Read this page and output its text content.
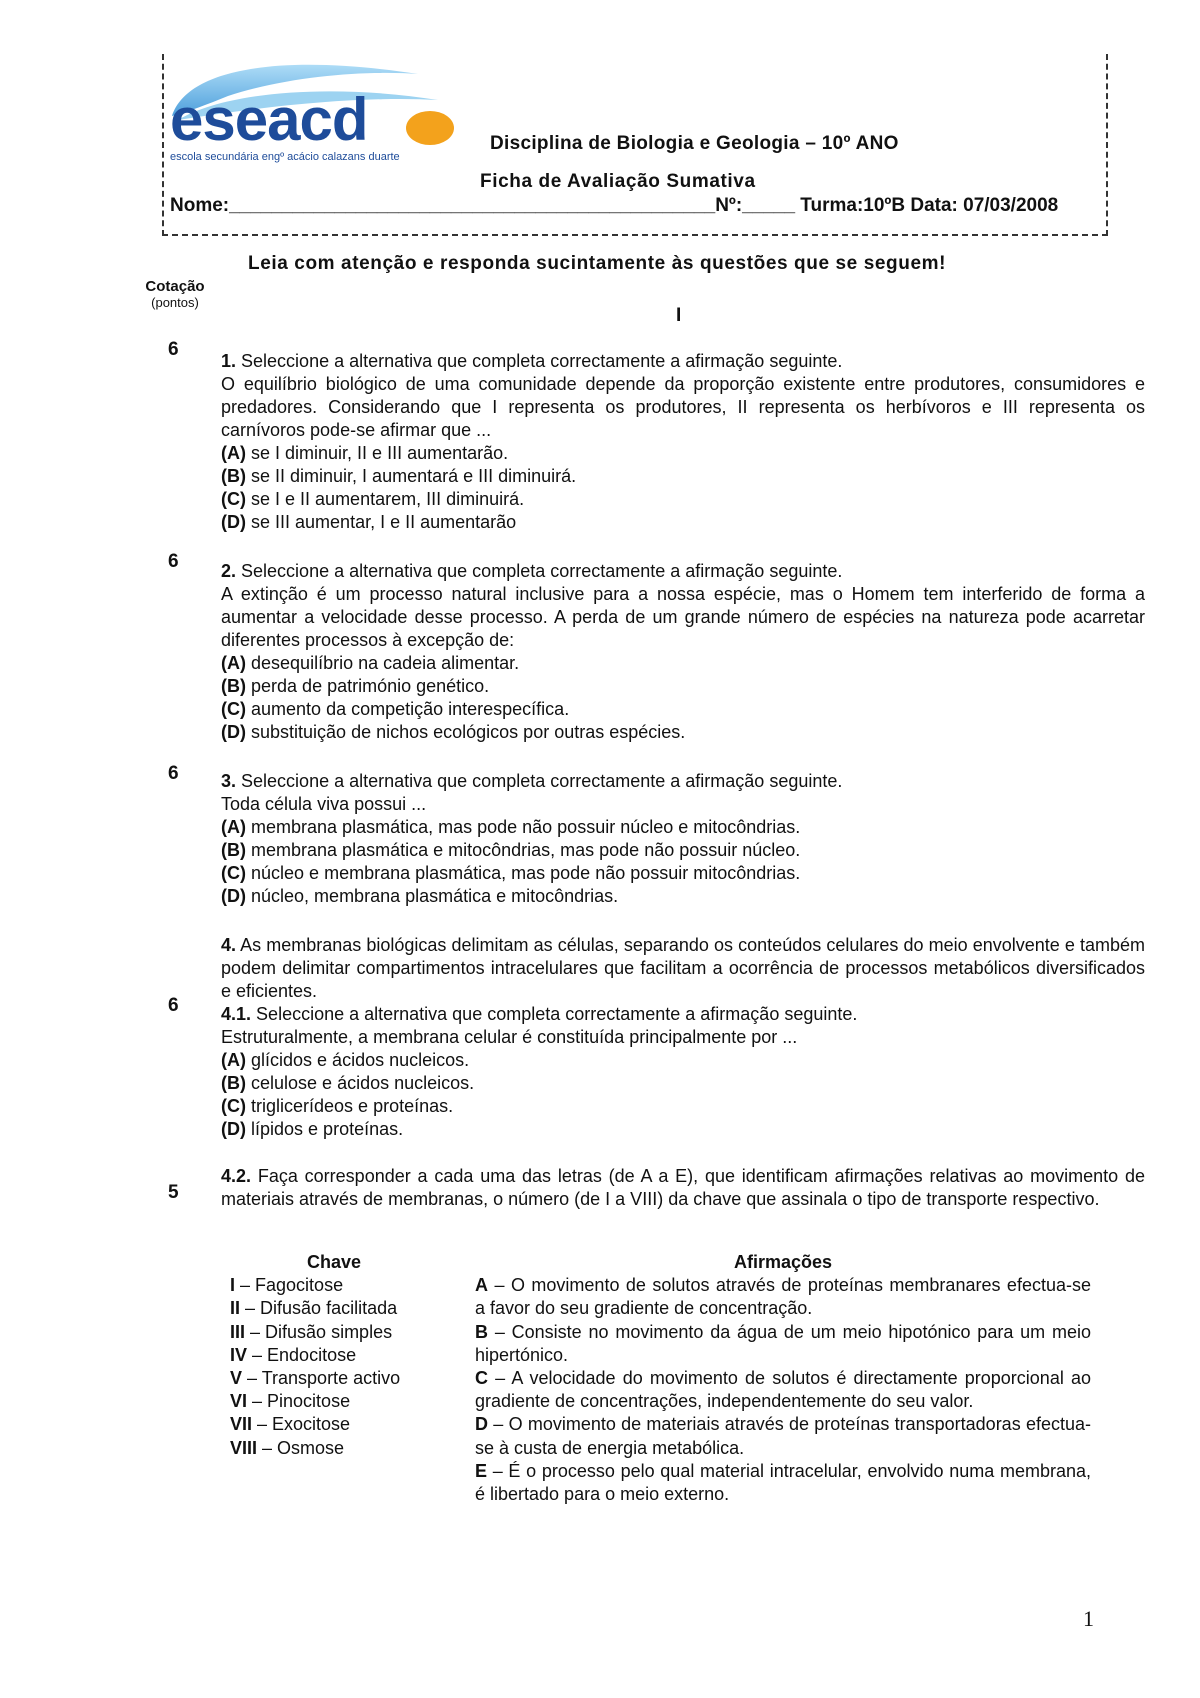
eseacd
escola secundária engº acácio calazans duarte
Disciplina de Biologia e Geologia – 10º ANO
Ficha de Avaliação Sumativa
Nome:______________________________________________Nº:_____ Turma:10ºB Data: 07/03/2008
Leia com atenção e responda sucintamente às questões que se seguem!
Cotação
(pontos)
I
6
6
6
6
5

1. Seleccione a alternativa que completa correctamente a afirmação seguinte.

O equilíbrio biológico de uma comunidade depende da proporção existente entre produtores, consumidores e predadores. Considerando que I representa os produtores, II representa os herbívoros e III representa os carnívoros pode-se afirmar que ...

(A) se I diminuir, II e III aumentarão.

(B) se II diminuir, I aumentará e III diminuirá.

(C) se I e II aumentarem, III diminuirá.

(D) se III aumentar, I e II aumentarão

2. Seleccione a alternativa que completa correctamente a afirmação seguinte.

A extinção é um processo natural inclusive para a nossa espécie, mas o Homem tem interferido de forma a aumentar a velocidade desse processo. A perda de um grande número de espécies na natureza pode acarretar diferentes processos à excepção de:

(A) desequilíbrio na cadeia alimentar.

(B) perda de património genético.

(C) aumento da competição interespecífica.

(D) substituição de nichos ecológicos por outras espécies.

3. Seleccione a alternativa que completa correctamente a afirmação seguinte.

Toda célula viva possui ...

(A) membrana plasmática, mas pode não possuir núcleo e mitocôndrias.

(B) membrana plasmática e mitocôndrias, mas pode não possuir núcleo.

(C) núcleo e membrana plasmática, mas pode não possuir mitocôndrias.

(D) núcleo, membrana plasmática e mitocôndrias.

4. As membranas biológicas delimitam as células, separando os conteúdos celulares do meio envolvente e também podem delimitar compartimentos intracelulares que facilitam a ocorrência de processos metabólicos diversificados e eficientes.

4.1. Seleccione a alternativa que completa correctamente a afirmação seguinte.

Estruturalmente, a membrana celular é constituída principalmente por ...

(A) glícidos e ácidos nucleicos.

(B) celulose e ácidos nucleicos.

(C) triglicerídeos e proteínas.

(D) lípidos e proteínas.

4.2. Faça corresponder a cada uma das letras (de A a E), que identificam afirmações relativas ao movimento de materiais através de membranas, o número (de I a VIII) da chave que assinala o tipo de transporte respectivo.

Chave
I – Fagocitose
II – Difusão facilitada
III – Difusão simples
IV – Endocitose
V – Transporte activo
VI – Pinocitose
VII – Exocitose
VIII – Osmose
Afirmações

A – O movimento de solutos através de proteínas membranares efectua-se a favor do seu gradiente de concentração.

B – Consiste no movimento da água de um meio hipotónico para um meio hipertónico.

C – A velocidade do movimento de solutos é directamente proporcional ao gradiente de concentrações, independentemente do seu valor.

D – O movimento de materiais através de proteínas transportadoras efectua-se à custa de energia metabólica.

E – É o processo pelo qual material intracelular, envolvido numa membrana, é libertado para o meio externo.

1
